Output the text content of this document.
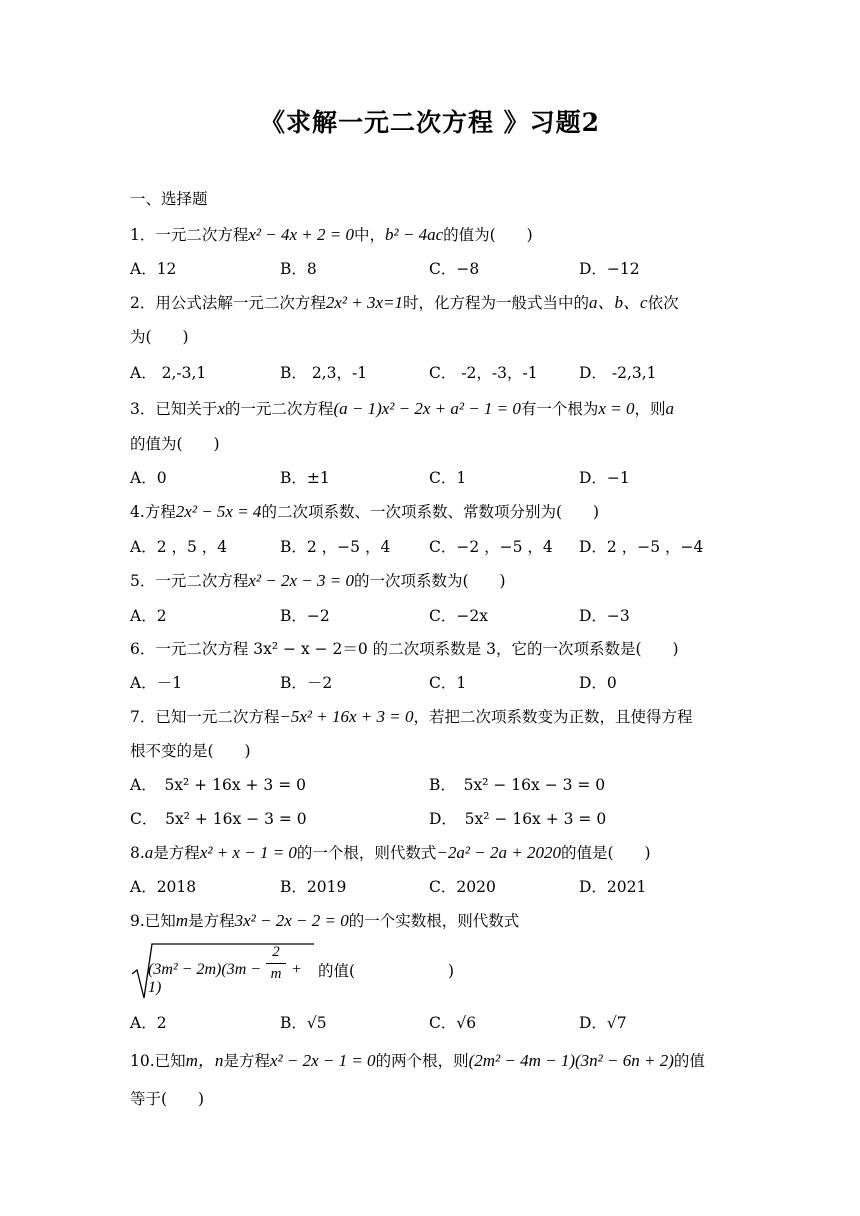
《求解一元二次方程 》习题2
一、选择题
1．一元二次方程x² − 4x + 2 = 0中，b² − 4ac的值为(　　)
A．12	B．8	C．−8	D．−12
2．用公式法解一元二次方程2x² + 3x=1时，化方程为一般式当中的a、b、c依次
为(　　)
A． 2,-3,1	B． 2,3，-1	C． -2，-3，-1	D． -2,3,1
3．已知关于x的一元二次方程(a − 1)x² − 2x + a² − 1 = 0有一个根为x = 0，则a
的值为(　　)
A．0	B．±1	C．1	D．−1
4.方程2x² − 5x = 4的二次项系数、一次项系数、常数项分别为(　　)
A．2 ，5 ，4	B．2 ，−5 ，4 C．−2 ，−5 ，4 D．2 ，−5 ，−4
5．一元二次方程x² − 2x − 3 = 0的一次项系数为(　　)
A．2	B．−2	C．−2x	D．−3
6．一元二次方程 3x² − x − 2＝0 的二次项系数是 3，它的一次项系数是(　　)
A．－1	B．－2	C．1	D．0
7．已知一元二次方程−5x² + 16x + 3 = 0，若把二次项系数变为正数，且使得方程
根不变的是(　　)
A．　5x² + 16x + 3 = 0	B．　5x² − 16x − 3 = 0
C．　5x² + 16x − 3 = 0	D．　5x² − 16x + 3 = 0
8.a是方程x² + x − 1 = 0的一个根，则代数式−2a² − 2a + 2020的值是(　　)
A．2018	B．2019	C．2020	D．2021
9.已知m是方程3x² − 2x − 2 = 0的一个实数根，则代数式
(3m² − 2m)(3m −  + 1)
2
m 的值(　　　　　　)
A．2	B．√5	C．√6	D．√7
10.已知m，n是方程x² − 2x − 1 = 0的两个根，则(2m² − 4m − 1)(3n² − 6n + 2)的值
等于(　　)
